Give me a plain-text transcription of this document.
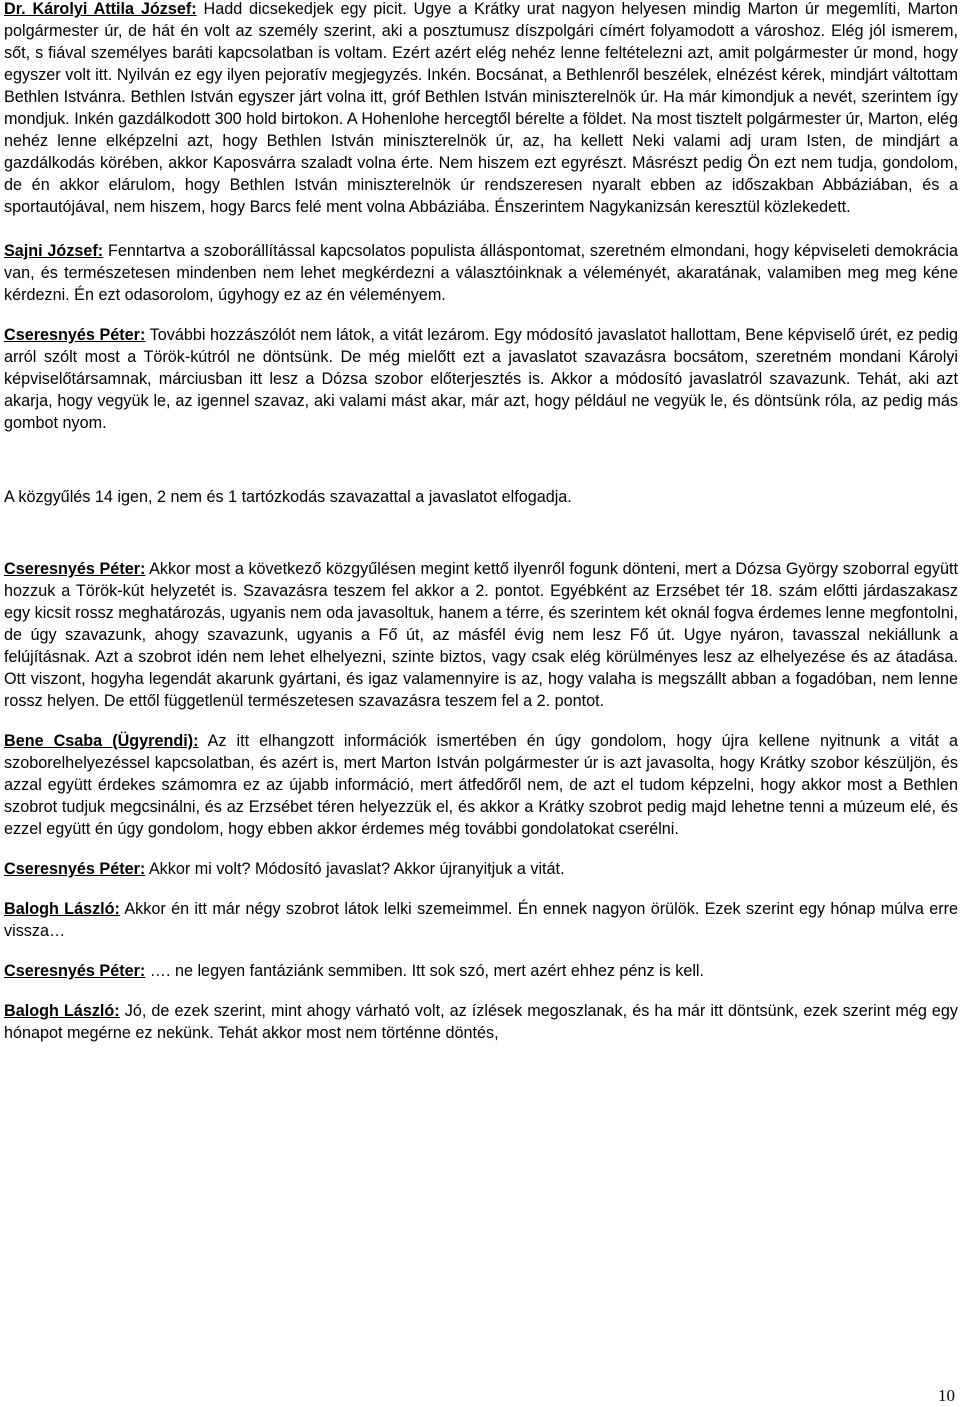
Dr. Károlyi Attila József: Hadd dicsekedjek egy picit. Ugye a Krátky urat nagyon helyesen mindig Marton úr megemlíti, Marton polgármester úr, de hát én volt az személy szerint, aki a posztumusz díszpolgári címért folyamodott a városhoz. Elég jól ismerem, sőt, s fiával személyes baráti kapcsolatban is voltam. Ezért azért elég nehéz lenne feltételezni azt, amit polgármester úr mond, hogy egyszer volt itt. Nyilván ez egy ilyen pejoratív megjegyzés. Inkén. Bocsánat, a Bethlenről beszélek, elnézést kérek, mindjárt váltottam Bethlen Istvánra. Bethlen István egyszer járt volna itt, gróf Bethlen István miniszterelnök úr. Ha már kimondjuk a nevét, szerintem így mondjuk. Inkén gazdálkodott 300 hold birtokon. A Hohenlohe hercegtől bérelte a földet. Na most tisztelt polgármester úr, Marton, elég nehéz lenne elképzelni azt, hogy Bethlen István miniszterelnök úr, az, ha kellett Neki valami adj uram Isten, de mindjárt a gazdálkodás körében, akkor Kaposvárra szaladt volna érte. Nem hiszem ezt egyrészt. Másrészt pedig Ön ezt nem tudja, gondolom, de én akkor elárulom, hogy Bethlen István miniszterelnök úr rendszeresen nyaralt ebben az időszakban Abbáziában, és a sportautójával, nem hiszem, hogy Barcs felé ment volna Abbáziába. Énszerintem Nagykanizsán keresztül közlekedett.

Sajni József: Fenntartva a szoborállítással kapcsolatos populista álláspontomat, szeretném elmondani, hogy képviseleti demokrácia van, és természetesen mindenben nem lehet megkérdezni a választóinknak a véleményét, akaratának, valamiben meg meg kéne kérdezni. Én ezt odasorolom, úgyhogy ez az én véleményem.

Cseresnyés Péter: További hozzászólót nem látok, a vitát lezárom. Egy módosító javaslatot hallottam, Bene képviselő úrét, ez pedig arról szólt most a Török-kútról ne döntsünk. De még mielőtt ezt a javaslatot szavazásra bocsátom, szeretném mondani Károlyi képviselőtársamnak, márciusban itt lesz a Dózsa szobor előterjesztés is. Akkor a módosító javaslatról szavazunk. Tehát, aki azt akarja, hogy vegyük le, az igennel szavaz, aki valami mást akar, már azt, hogy például ne vegyük le, és döntsünk róla, az pedig más gombot nyom.

A közgyűlés 14 igen, 2 nem és 1 tartózkodás szavazattal a javaslatot elfogadja.

Cseresnyés Péter: Akkor most a következő közgyűlésen megint kettő ilyenről fogunk dönteni, mert a Dózsa György szoborral együtt hozzuk a Török-kút helyzetét is. Szavazásra teszem fel akkor a 2. pontot. Egyébként az Erzsébet tér 18. szám előtti járdaszakasz egy kicsit rossz meghatározás, ugyanis nem oda javasoltuk, hanem a térre, és szerintem két oknál fogva érdemes lenne megfontolni, de úgy szavazunk, ahogy szavazunk, ugyanis a Fő út, az másfél évig nem lesz Fő út. Ugye nyáron, tavasszal nekiállunk a felújításnak. Azt a szobrot idén nem lehet elhelyezni, szinte biztos, vagy csak elég körülményes lesz az elhelyezése és az átadása. Ott viszont, hogyha legendát akarunk gyártani, és igaz valamennyire is az, hogy valaha is megszállt abban a fogadóban, nem lenne rossz helyen. De ettől függetlenül természetesen szavazásra teszem fel a 2. pontot.

Bene Csaba (Ügyrendi): Az itt elhangzott információk ismertében én úgy gondolom, hogy újra kellene nyitnunk a vitát a szoborelhelyezéssel kapcsolatban, és azért is, mert Marton István polgármester úr is azt javasolta, hogy Krátky szobor készüljön, és azzal együtt érdekes számomra ez az újabb információ, mert átfedőről nem, de azt el tudom képzelni, hogy akkor most a Bethlen szobrot tudjuk megcsinálni, és az Erzsébet téren helyezzük el, és akkor a Krátky szobrot pedig majd lehetne tenni a múzeum elé, és ezzel együtt én úgy gondolom, hogy ebben akkor érdemes még további gondolatokat cserélni.

Cseresnyés Péter: Akkor mi volt? Módosító javaslat? Akkor újranyitjuk a vitát.

Balogh László: Akkor én itt már négy szobrot látok lelki szemeimmel. Én ennek nagyon örülök. Ezek szerint egy hónap múlva erre vissza…

Cseresnyés Péter: …. ne legyen fantáziánk semmiben. Itt sok szó, mert azért ehhez pénz is kell.

Balogh László: Jó, de ezek szerint, mint ahogy várható volt, az ízlések megoszlanak, és ha már itt döntsünk, ezek szerint még egy hónapot megérne ez nekünk. Tehát akkor most nem történne döntés,

10
